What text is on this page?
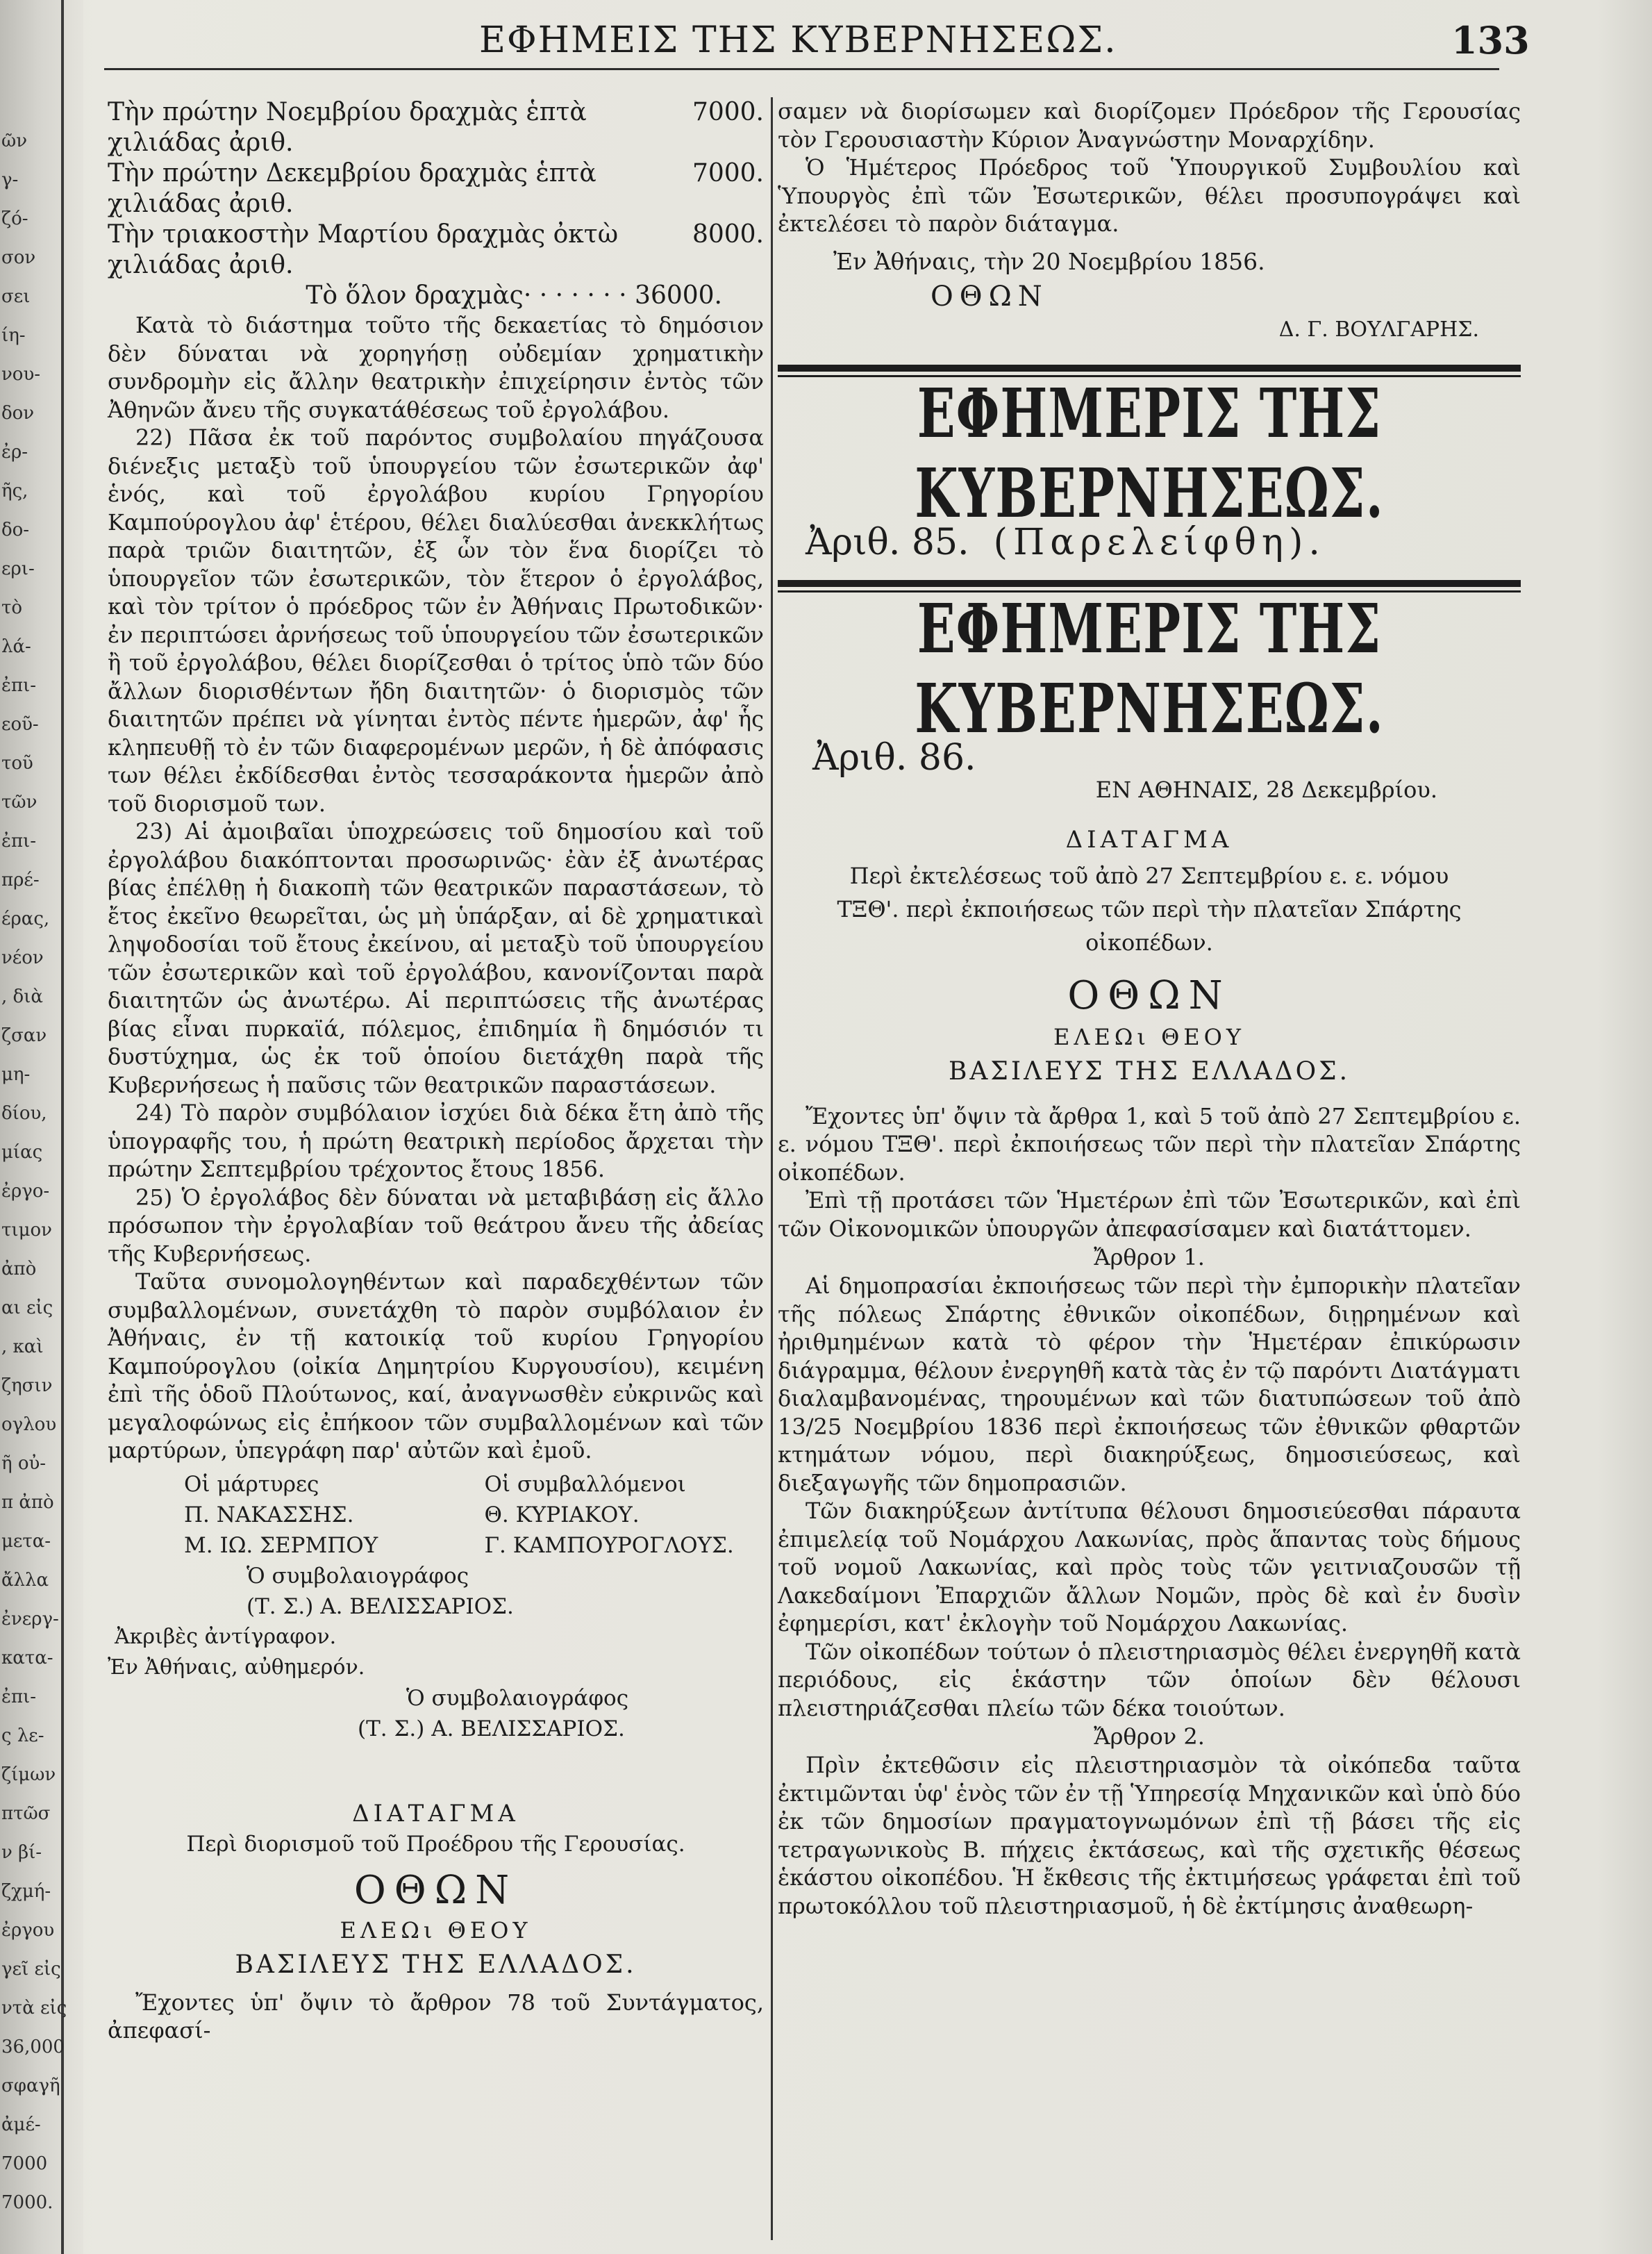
ῶν
γ-
ζό-
σον
σει
ίη-
νου-
δον
ἐρ-
ῆς,
δο-
ερι-
τὸ
λά-
ἐπι-
εοῦ-
τοῦ
τῶν
ἐπι-
πρέ-
έρας,
νέον
, διὰ
ζσαν
μη-
δίου,
μίας
ἐργο-
τιμον
ἀπὸ
αι εἰς
, καὶ
ζησιν
ογλου
ῆ οὐ-
π ἀπὸ
μετα-
ἄλλα
ἐνεργ-
κατα-
ἐπι-
ς λε-
ζίμων
πτῶσ
ν βί-
ζχμή-
ἐργου
γεῖ εἰς
ντὰ εἰς
36,000
σφαγῆ
ἀμέ-
7000
7000.
ΕΦΗΜΕΙΣ ΤΗΣ ΚΥΒΕΡΝΗΣΕΩΣ.	133
Τὴν πρώτην Νοεμβρίου δραχμὰς ἑπτὰ χιλιάδας ἀριθ.
7000.
Τὴν πρώτην Δεκεμβρίου δραχμὰς ἑπτὰ χιλιάδας ἀριθ.
7000.
Τὴν τριακοστὴν Μαρτίου δραχμὰς ὀκτὼ χιλιάδας ἀριθ.
8000.
Τὸ ὅλον δραχμὰς· · · · · · · 36000.

Κατὰ τὸ διάστημα τοῦτο τῆς δεκαετίας τὸ δημόσιον δὲν δύναται νὰ χορηγήσῃ οὐδεμίαν χρηματικὴν συνδρομὴν εἰς ἄλλην θεατρικὴν ἐπιχείρησιν ἐντὸς τῶν Ἀθηνῶν ἄνευ τῆς συγκατάθέσεως τοῦ ἐργολάβου.

22) Πᾶσα ἐκ τοῦ παρόντος συμβολαίου πηγάζουσα διένεξις μεταξὺ τοῦ ὑπουργείου τῶν ἐσωτερικῶν ἀφ' ἑνός, καὶ τοῦ ἐργολάβου κυρίου Γρηγορίου Καμπούρογλου ἀφ' ἑτέρου, θέλει διαλύεσθαι ἀνεκκλήτως παρὰ τριῶν διαιτητῶν, ἐξ ὧν τὸν ἕνα διορίζει τὸ ὑπουργεῖον τῶν ἐσωτερικῶν, τὸν ἕτερον ὁ ἐργολάβος, καὶ τὸν τρίτον ὁ πρόεδρος τῶν ἐν Ἀθήναις Πρωτοδικῶν· ἐν περιπτώσει ἀρνήσεως τοῦ ὑπουργείου τῶν ἐσωτερικῶν ἢ τοῦ ἐργολάβου, θέλει διορίζεσθαι ὁ τρίτος ὑπὸ τῶν δύο ἄλλων διορισθέντων ἤδη διαιτητῶν· ὁ διορισμὸς τῶν διαιτητῶν πρέπει νὰ γίνηται ἐντὸς πέντε ἡμερῶν, ἀφ' ἧς κληπευθῇ τὸ ἐν τῶν διαφερομένων μερῶν, ἡ δὲ ἀπόφασις των θέλει ἐκδίδεσθαι ἐντὸς τεσσαράκοντα ἡμερῶν ἀπὸ τοῦ διορισμοῦ των.

23) Αἱ ἀμοιβαῖαι ὑποχρεώσεις τοῦ δημοσίου καὶ τοῦ ἐργολάβου διακόπτονται προσωρινῶς· ἐὰν ἐξ ἀνωτέρας βίας ἐπέλθῃ ἡ διακοπὴ τῶν θεατρικῶν παραστάσεων, τὸ ἔτος ἐκεῖνο θεωρεῖται, ὡς μὴ ὑπάρξαν, αἱ δὲ χρηματικαὶ ληψοδοσίαι τοῦ ἔτους ἐκείνου, αἱ μεταξὺ τοῦ ὑπουργείου τῶν ἐσωτερικῶν καὶ τοῦ ἐργολάβου, κανονίζονται παρὰ διαιτητῶν ὡς ἀνωτέρω. Αἱ περιπτώσεις τῆς ἀνωτέρας βίας εἶναι πυρκαϊά, πόλεμος, ἐπιδημία ἢ δημόσιόν τι δυστύχημα, ὡς ἐκ τοῦ ὁποίου διετάχθη παρὰ τῆς Κυβερνήσεως ἡ παῦσις τῶν θεατρικῶν παραστάσεων.

24) Τὸ παρὸν συμβόλαιον ἰσχύει διὰ δέκα ἔτη ἀπὸ τῆς ὑπογραφῆς του, ἡ πρώτη θεατρικὴ περίοδος ἄρχεται τὴν πρώτην Σεπτεμβρίου τρέχοντος ἔτους 1856.

25) Ὁ ἐργολάβος δὲν δύναται νὰ μεταβιβάσῃ εἰς ἄλλο πρόσωπον τὴν ἐργολαβίαν τοῦ θεάτρου ἄνευ τῆς ἀδείας τῆς Κυβερνήσεως.

Ταῦτα συνομολογηθέντων καὶ παραδεχθέντων τῶν συμβαλλομένων, συνετάχθη τὸ παρὸν συμβόλαιον ἐν Ἀθήναις, ἐν τῇ κατοικίᾳ τοῦ κυρίου Γρηγορίου Καμπούρογλου (οἰκία Δημητρίου Κυργουσίου), κειμένη ἐπὶ τῆς ὁδοῦ Πλούτωνος, καί, ἀναγνωσθὲν εὐκρινῶς καὶ μεγαλοφώνως εἰς ἐπήκοον τῶν συμβαλλομένων καὶ τῶν μαρτύρων, ὑπεγράφη παρ' αὐτῶν καὶ ἐμοῦ.

Οἱ μάρτυρες	Οἱ συμβαλλόμενοι
Π. ΝΑΚΑΣΣΗΣ.	Θ. ΚΥΡΙΑΚΟΥ.
Μ. ΙΩ. ΣΕΡΜΠΟΥ	Γ. ΚΑΜΠΟΥΡΟΓΛΟΥΣ.
Ὁ συμβολαιογράφος
(Τ. Σ.) Α. ΒΕΛΙΣΣΑΡΙΟΣ.
Ἀκριβὲς ἀντίγραφον.
Ἐν Ἀθήναις, αὐθημερόν.
Ὁ συμβολαιογράφος
(Τ. Σ.) Α. ΒΕΛΙΣΣΑΡΙΟΣ.
ΔΙΑΤΑΓΜΑ
Περὶ διορισμοῦ τοῦ Προέδρου τῆς Γερουσίας.
ΟΘΩΝ
ΕΛΕΩι ΘΕΟΥ
ΒΑΣΙΛΕΥΣ ΤΗΣ ΕΛΛΑΔΟΣ.

Ἔχοντες ὑπ' ὄψιν τὸ ἄρθρον 78 τοῦ Συντάγματος, ἀπεφασί-

σαμεν νὰ διορίσωμεν καὶ διορίζομεν Πρόεδρον τῆς Γερουσίας τὸν Γερουσιαστὴν Κύριον Ἀναγνώστην Μοναρχίδην.

Ὁ Ἡμέτερος Πρόεδρος τοῦ Ὑπουργικοῦ Συμβουλίου καὶ Ὑπουργὸς ἐπὶ τῶν Ἐσωτερικῶν, θέλει προσυπογράψει καὶ ἐκτελέσει τὸ παρὸν διάταγμα.

Ἐν Ἀθήναις, τὴν 20 Νοεμβρίου 1856.
ΟΘΩΝ
Δ. Γ. ΒΟΥΛΓΑΡΗΣ.
ΕΦΗΜΕΡΙΣ ΤΗΣ ΚΥΒΕΡΝΗΣΕΩΣ.
Ἀριθ. 85. (Παρελείφθη).
ΕΦΗΜΕΡΙΣ ΤΗΣ ΚΥΒΕΡΝΗΣΕΩΣ.
Ἀριθ. 86.
ΕΝ ΑΘΗΝΑΙΣ, 28 Δεκεμβρίου.
ΔΙΑΤΑΓΜΑ
Περὶ ἐκτελέσεως τοῦ ἀπὸ 27 Σεπτεμβρίου ε. ε. νόμου ΤΞΘ'. περὶ ἐκποιήσεως τῶν περὶ τὴν πλατεῖαν Σπάρτης οἰκοπέδων.
ΟΘΩΝ
ΕΛΕΩι ΘΕΟΥ
ΒΑΣΙΛΕΥΣ ΤΗΣ ΕΛΛΑΔΟΣ.

Ἔχοντες ὑπ' ὄψιν τὰ ἄρθρα 1, καὶ 5 τοῦ ἀπὸ 27 Σεπτεμβρίου ε. ε. νόμου ΤΞΘ'. περὶ ἐκποιήσεως τῶν περὶ τὴν πλατεῖαν Σπάρτης οἰκοπέδων.

Ἐπὶ τῇ προτάσει τῶν Ἡμετέρων ἐπὶ τῶν Ἐσωτερικῶν, καὶ ἐπὶ τῶν Οἰκονομικῶν ὑπουργῶν ἀπεφασίσαμεν καὶ διατάττομεν.

Ἄρθρον 1.

Αἱ δημοπρασίαι ἐκποιήσεως τῶν περὶ τὴν ἐμπορικὴν πλατεῖαν τῆς πόλεως Σπάρτης ἐθνικῶν οἰκοπέδων, διῃρημένων καὶ ἠριθμημένων κατὰ τὸ φέρον τὴν Ἡμετέραν ἐπικύρωσιν διάγραμμα, θέλουν ἐνεργηθῆ κατὰ τὰς ἐν τῷ παρόντι Διατάγματι διαλαμβανομένας, τηρουμένων καὶ τῶν διατυπώσεων τοῦ ἀπὸ 13/25 Νοεμβρίου 1836 περὶ ἐκποιήσεως τῶν ἐθνικῶν φθαρτῶν κτημάτων νόμου, περὶ διακηρύξεως, δημοσιεύσεως, καὶ διεξαγωγῆς τῶν δημοπρασιῶν.

Τῶν διακηρύξεων ἀντίτυπα θέλουσι δημοσιεύεσθαι πάραυτα ἐπιμελείᾳ τοῦ Νομάρχου Λακωνίας, πρὸς ἅπαντας τοὺς δήμους τοῦ νομοῦ Λακωνίας, καὶ πρὸς τοὺς τῶν γειτνιαζουσῶν τῇ Λακεδαίμονι Ἐπαρχιῶν ἄλλων Νομῶν, πρὸς δὲ καὶ ἐν δυσὶν ἐφημερίσι, κατ' ἐκλογὴν τοῦ Νομάρχου Λακωνίας.

Τῶν οἰκοπέδων τούτων ὁ πλειστηριασμὸς θέλει ἐνεργηθῆ κατὰ περιόδους, εἰς ἑκάστην τῶν ὁποίων δὲν θέλουσι πλειστηριάζεσθαι πλείω τῶν δέκα τοιούτων.

Ἄρθρον 2.

Πρὶν ἐκτεθῶσιν εἰς πλειστηριασμὸν τὰ οἰκόπεδα ταῦτα ἐκτιμῶνται ὑφ' ἑνὸς τῶν ἐν τῇ Ὑπηρεσίᾳ Μηχανικῶν καὶ ὑπὸ δύο ἐκ τῶν δημοσίων πραγματογνωμόνων ἐπὶ τῇ βάσει τῆς εἰς τετραγωνικοὺς Β. πήχεις ἐκτάσεως, καὶ τῆς σχετικῆς θέσεως ἑκάστου οἰκοπέδου. Ἡ ἔκθεσις τῆς ἐκτιμήσεως γράφεται ἐπὶ τοῦ πρωτοκόλλου τοῦ πλειστηριασμοῦ, ἡ δὲ ἐκτίμησις ἀναθεωρη-
